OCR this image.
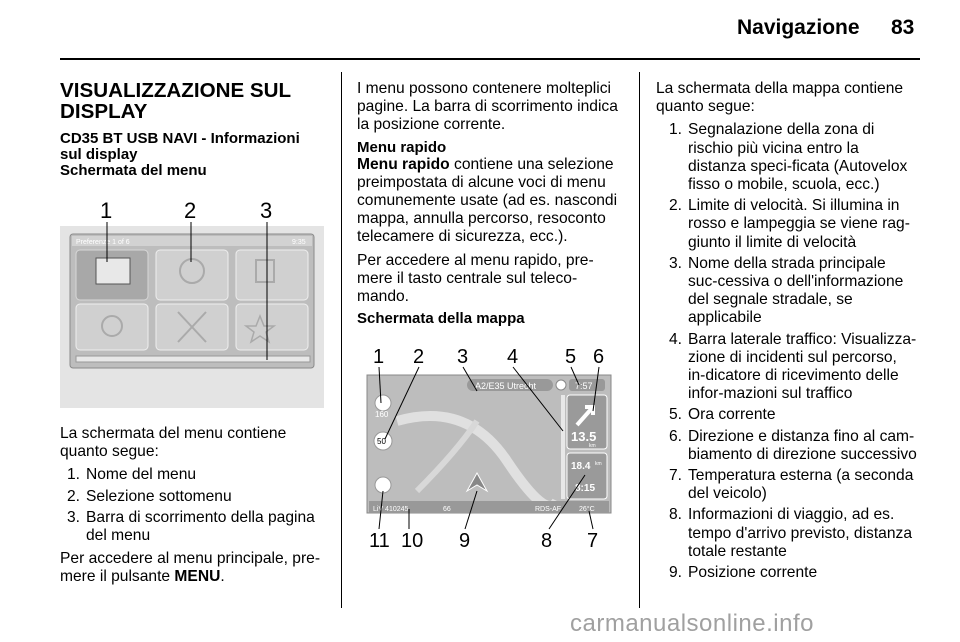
Navigazione 83
VISUALIZZAZIONE SUL DISPLAY
CD35 BT USB NAVI - Informazioni sul display
Schermata del menu
Preferenze 1 of 6	9:35
1	2	3

La schermata del menu contiene quanto segue:

1. Nome del menu
2. Selezione sottomenu
3. Barra di scorrimento della pagina del menu

Per accedere al menu principale, pre-mere il pulsante MENU.

I menu possono contenere molteplici pagine. La barra di scorrimento indica la posizione corrente.

Menu rapido

Menu rapido contiene una selezione preimpostata di alcune voci di menu comunemente usate (ad es. nascondi mappa, annulla percorso, resoconto telecamere di sicurezza, ecc.).

Per accedere al menu rapido, pre-mere il tasto centrale sul teleco-mando.

Schermata della mappa
A2/E35 Utrecht	7:57
13.5
km
18.4 km
8:15
160
50
LiV 410245	66	RDS-AF	26°C
1 2 3 4 5 6
11 10 9	8 7

La schermata della mappa contiene quanto segue:

1. Segnalazione della zona di rischio più vicina entro la distanza speci-ficata (Autovelox fisso o mobile, scuola, ecc.)
2. Limite di velocità. Si illumina in rosso e lampeggia se viene rag-giunto il limite di velocità
3. Nome della strada principale suc-cessiva o dell'informazione del segnale stradale, se applicabile
4. Barra laterale traffico: Visualizza-zione di incidenti sul percorso, in-dicatore di ricevimento delle infor-mazioni sul traffico
5. Ora corrente
6. Direzione e distanza fino al cam-biamento di direzione successivo
7. Temperatura esterna (a seconda del veicolo)
8. Informazioni di viaggio, ad es. tempo d'arrivo previsto, distanza totale restante
9. Posizione corrente
carmanualsonline.info
